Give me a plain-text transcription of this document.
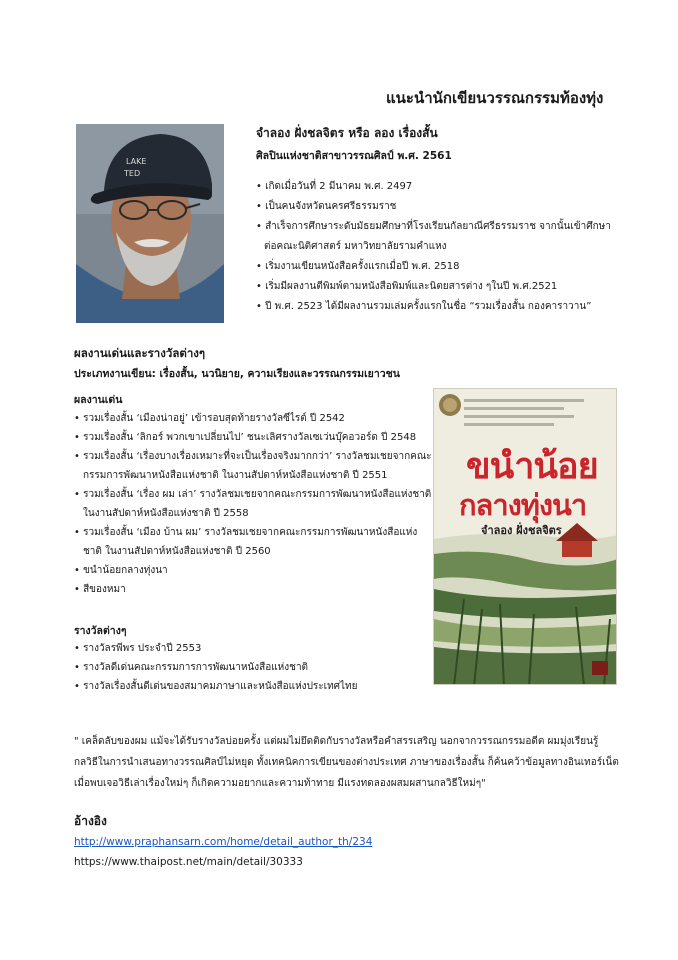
แนะนำนักเขียนวรรณกรรมท้องทุ่ง
LAKE
TED
จำลอง ฝั่งชลจิตร หรือ ลอง เรื่องสั้น
ศิลปินแห่งชาติสาขาวรรณศิลป์ พ.ศ. 2561
• เกิดเมื่อวันที่ 2 มีนาคม พ.ศ. 2497
• เป็นคนจังหวัดนครศรีธรรมราช
• สำเร็จการศึกษาระดับมัธยมศึกษาที่โรงเรียนกัลยาณีศรีธรรมราช จากนั้นเข้าศึกษาต่อคณะนิติศาสตร์ มหาวิทยาลัยรามคำแหง
• เริ่มงานเขียนหนังสือครั้งแรกเมื่อปี พ.ศ. 2518
• เริ่มมีผลงานตีพิมพ์ตามหนังสือพิมพ์และนิตยสารต่าง ๆในปี พ.ศ.2521
• ปี พ.ศ. 2523 ได้มีผลงานรวมเล่มครั้งแรกในชื่อ “รวมเรื่องสั้น กองคาราวาน”
ผลงานเด่นและรางวัลต่างๆ
ประเภทงานเขียน: เรื่องสั้น, นวนิยาย, ความเรียงและวรรณกรรมเยาวชน
ผลงานเด่น
• รวมเรื่องสั้น ‘เมืองน่าอยู่’ เข้ารอบสุดท้ายรางวัลซีไรต์ ปี 2542
• รวมเรื่องสั้น ‘ลิกอร์ พวกเขาเปลี่ยนไป’ ชนะเลิศรางวัลเซเว่นบุ๊คอวอร์ด ปี 2548
• รวมเรื่องสั้น ‘เรื่องบางเรื่องเหมาะที่จะเป็นเรื่องจริงมากกว่า’ รางวัลชมเชยจากคณะกรรมการพัฒนาหนังสือแห่งชาติ ในงานสัปดาห์หนังสือแห่งชาติ ปี 2551
• รวมเรื่องสั้น ‘เรื่อง ผม เล่า’ รางวัลชมเชยจากคณะกรรมการพัฒนาหนังสือแห่งชาติในงานสัปดาห์หนังสือแห่งชาติ ปี 2558
• รวมเรื่องสั้น ‘เมือง บ้าน ผม’ รางวัลชมเชยจากคณะกรรมการพัฒนาหนังสือแห่งชาติ ในงานสัปดาห์หนังสือแห่งชาติ ปี 2560
• ขนำน้อยกลางทุ่งนา
• สีของหมา
รางวัลต่างๆ
• รางวัลรพีพร ประจำปี 2553
• รางวัลดีเด่นคณะกรรมการการพัฒนาหนังสือแห่งชาติ
• รางวัลเรื่องสั้นดีเด่นของสมาคมภาษาและหนังสือแห่งประเทศไทย
ขนำน้อย
กลางทุ่งนา
จำลอง ฝั่งชลจิตร
" เคล็ดลับของผม แม้จะได้รับรางวัลบ่อยครั้ง แต่ผมไม่ยึดติดกับรางวัลหรือคำสรรเสริญ นอกจากวรรณกรรมอดีต ผมมุ่งเรียนรู้กลวิธีในการนำเสนอทางวรรณศิลป์ไม่หยุด ทั้งเทคนิคการเขียนของต่างประเทศ ภาษาของเรื่องสั้น ก็ค้นคว้าข้อมูลทางอินเทอร์เน็ต เมื่อพบเจอวิธีเล่าเรื่องใหม่ๆ ก็เกิดความอยากและความท้าทาย มีแรงทดลองผสมผสานกลวิธีใหม่ๆ"
อ้างอิง
http://www.praphansarn.com/home/detail_author_th/234
https://www.thaipost.net/main/detail/30333
